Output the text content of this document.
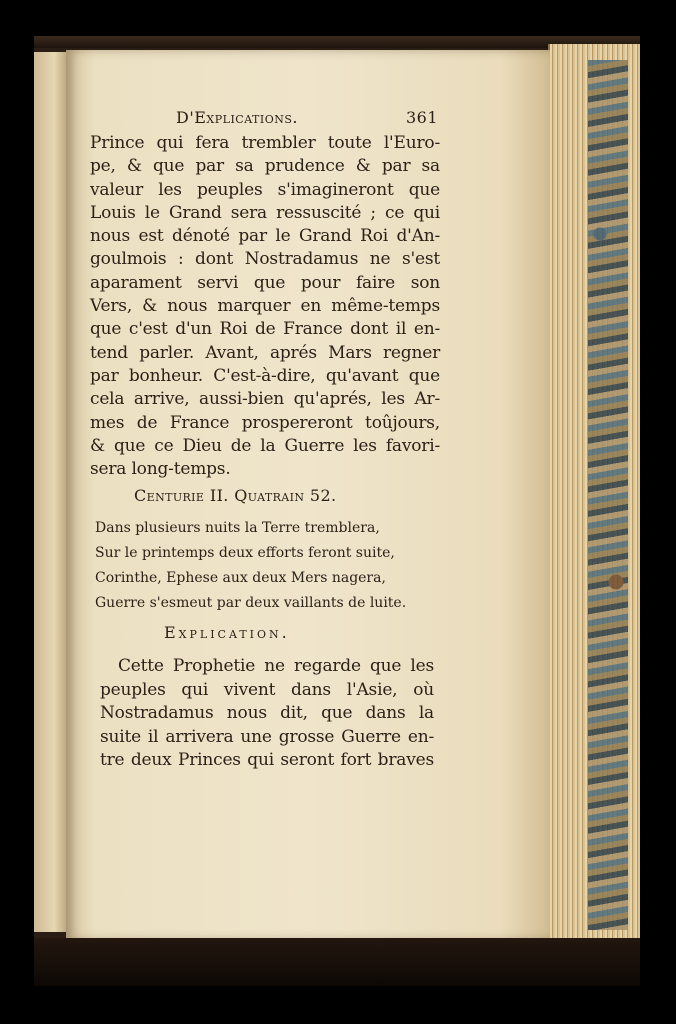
D'Explications.	361
Prince qui fera trembler toute l'Euro-
pe, & que par sa prudence & par sa
valeur les peuples s'imagineront que
Louis le Grand sera ressuscité ; ce qui
nous est dénoté par le Grand Roi d'An-
goulmois : dont Nostradamus ne s'est
aparament servi que pour faire son
Vers, & nous marquer en même-temps
que c'est d'un Roi de France dont il en-
tend parler. Avant, aprés Mars regner
par bonheur. C'est-à-dire, qu'avant que
cela arrive, aussi-bien qu'aprés, les Ar-
mes de France prospereront toûjours,
& que ce Dieu de la Guerre les favori-
sera long-temps.
Centurie II. Quatrain 52.
Dans plusieurs nuits la Terre tremblera,
Sur le printemps deux efforts feront suite,
Corinthe, Ephese aux deux Mers nagera,
Guerre s'esmeut par deux vaillants de luite.
Explication.
Cette Prophetie ne regarde que les
peuples qui vivent dans l'Asie, où
Nostradamus nous dit, que dans la
suite il arrivera une grosse Guerre en-
tre deux Princes qui seront fort braves
